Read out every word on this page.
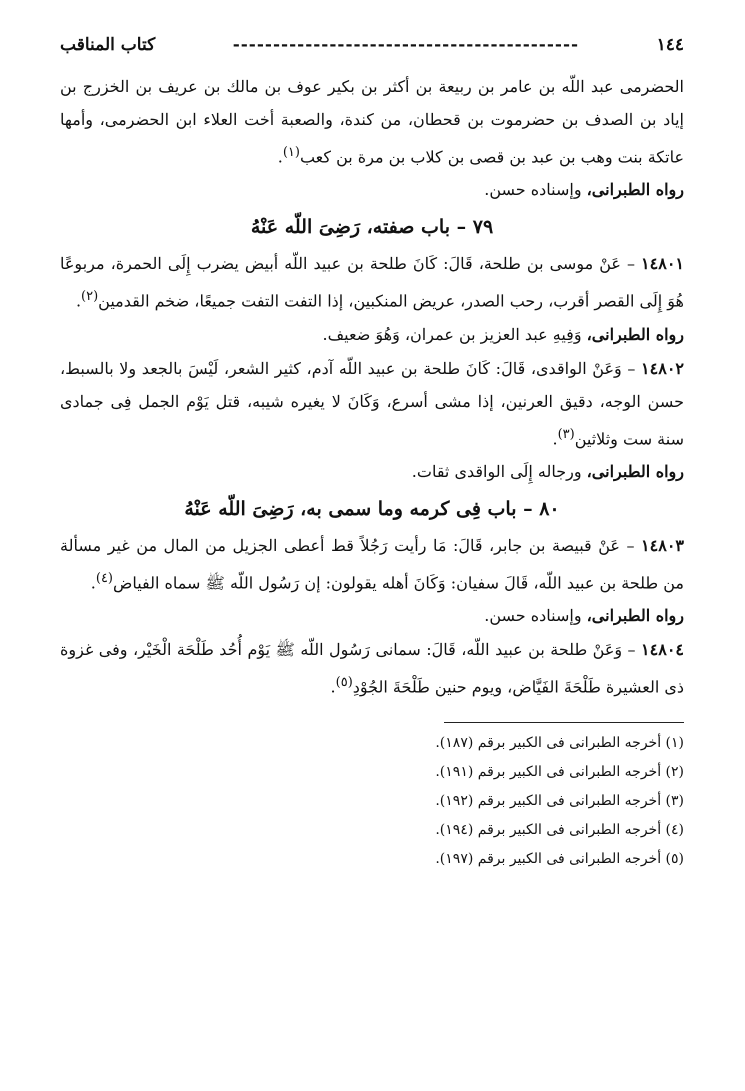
١٤٤
-------------------------------------------
كتاب المناقب

الحضرمى عبد اللّه بن عامر بن ربيعة بن أكثر بن بكير عوف بن مالك بن عريف بن الخزرج بن إياد بن الصدف بن حضرموت بن قحطان، من كندة، والصعبة أخت العلاء ابن الحضرمى، وأمها عاتكة بنت وهب بن عبد بن قصى بن كلاب بن مرة بن كعب$^{(١)}$.

رواه الطبرانى، وإسناده حسن.

٧٩ – باب صفته، رَضِىَ اللّه عَنْهُ

١٤٨٠١ – عَنْ موسى بن طلحة، قَالَ: كَانَ طلحة بن عبيد اللّه أبيض يضرب إِلَى الحمرة، مربوعًا هُوَ إِلَى القصر أقرب، رحب الصدر، عريض المنكبين، إذا التفت التفت جميعًا، ضخم القدمين$^{(٢)}$.

رواه الطبرانى، وَفِيهِ عبد العزيز بن عمران، وَهُوَ ضعيف.

١٤٨٠٢ – وَعَنْ الواقدى، قَالَ: كَانَ طلحة بن عبيد اللّه آدم، كثير الشعر، لَيْسَ بالجعد ولا بالسبط، حسن الوجه، دقيق العرنين، إذا مشى أسرع، وَكَانَ لا يغيره شيبه، قتل يَوْم الجمل فِى جمادى سنة ست وثلاثين$^{(٣)}$.

رواه الطبرانى، ورجاله إِلَى الواقدى ثقات.

٨٠ – باب فِى كرمه وما سمى به، رَضِىَ اللّه عَنْهُ

١٤٨٠٣ – عَنْ قبيصة بن جابر، قَالَ: مَا رأيت رَجُلاً قط أعطى الجزيل من المال من غير مسألة من طلحة بن عبيد اللّه، قَالَ سفيان: وَكَانَ أهله يقولون: إن رَسُول اللّه ﷺ سماه الفياض$^{(٤)}$.

رواه الطبرانى، وإسناده حسن.

١٤٨٠٤ – وَعَنْ طلحة بن عبيد اللّه، قَالَ: سمانى رَسُول اللّه ﷺ يَوْم أُحُد طَلْحَة الْخَيْر، وفى غزوة ذى العشيرة طَلْحَةَ الفَيَّاض، ويوم حنين طَلْحَةَ الجُوْدِ$^{(٥)}$.

(١) أخرجه الطبرانى فى الكبير برقم (١٨٧).
(٢) أخرجه الطبرانى فى الكبير برقم (١٩١).
(٣) أخرجه الطبرانى فى الكبير برقم (١٩٢).
(٤) أخرجه الطبرانى فى الكبير برقم (١٩٤).
(٥) أخرجه الطبرانى فى الكبير برقم (١٩٧).
